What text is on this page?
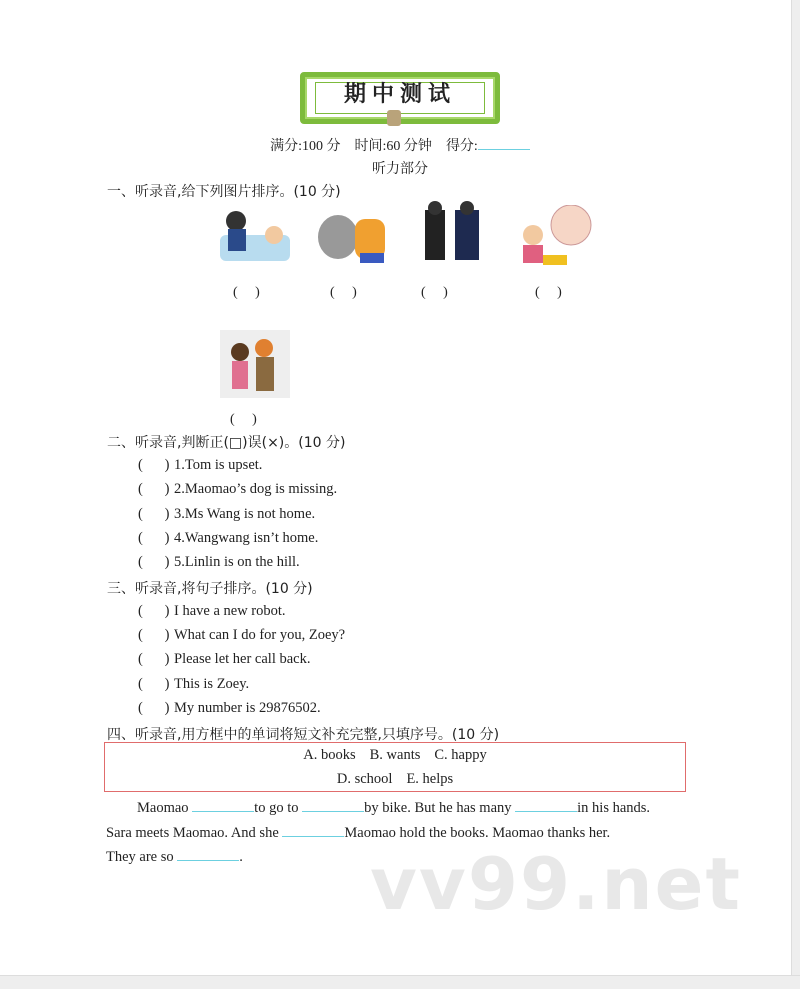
期中测试
满分:100 分 时间:60 分钟 得分:
听力部分
一、听录音,给下列图片排序。(10 分)
(　 )	(　 )	(　 )	(　 )
(　 )
二、听录音,判断正(□)误(×)。(10 分)
(      ) 1.Tom is upset.
(      ) 2.Maomao’s dog is missing.
(      ) 3.Ms Wang is not home.
(      ) 4.Wangwang isn’t home.
(      ) 5.Linlin is on the hill.
三、听录音,将句子排序。(10 分)
(      ) I have a new robot.
(      ) What can I do for you, Zoey?
(      ) Please let her call back.
(      ) This is Zoey.
(      ) My number is 29876502.
四、听录音,用方框中的单词将短文补充完整,只填序号。(10 分)
A. books B. wants C. happy
D. school E. helps
Maomao	to go to	by bike. But he has many	in his hands.
Sara meets Maomao. And she	Maomao hold the books. Maomao thanks her.
They are so	.	vv99.net
